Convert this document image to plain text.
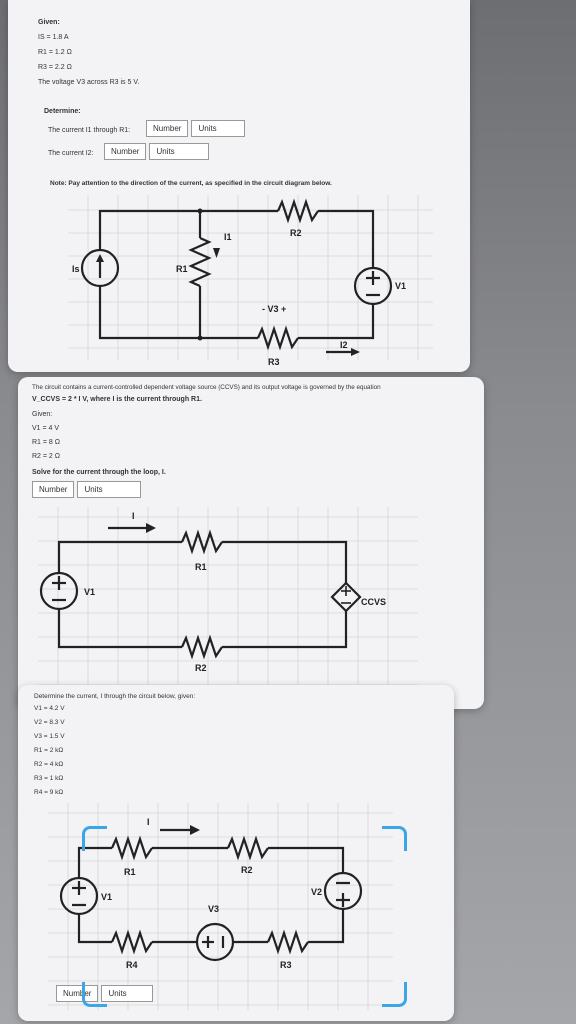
Given:
IS = 1.8 A
R1 = 1.2 Ω
R3 = 2.2 Ω
The voltage V3 across R3 is 5 V.
Determine:
The current I1 through R1:	Number	Units
The current I2:	Number	Units
Note: Pay attention to the direction of the current, as specified in the circuit diagram below.
Is	R1
I1	R2
V1
- V3 +
I2
R3
The circuit contains a current-controlled dependent voltage source (CCVS) and its output voltage is governed by the equation
V_CCVS = 2 * I V, where I is the current through R1.
Given:
V1 = 4 V
R1 = 8 Ω
R2 = 2 Ω
Solve for the current through the loop, I.
Number	Units
I
R1
V1
CCVS
R2
Determine the current, I through the circuit below, given:
V1 = 4.2 V
V2 = 8.3 V
V3 = 1.5 V
R1 = 2 kΩ
R2 = 4 kΩ
R3 = 1 kΩ
R4 = 9 kΩ
I
R1	R2
V1	V2
V3
R4	R3
Number	Units
